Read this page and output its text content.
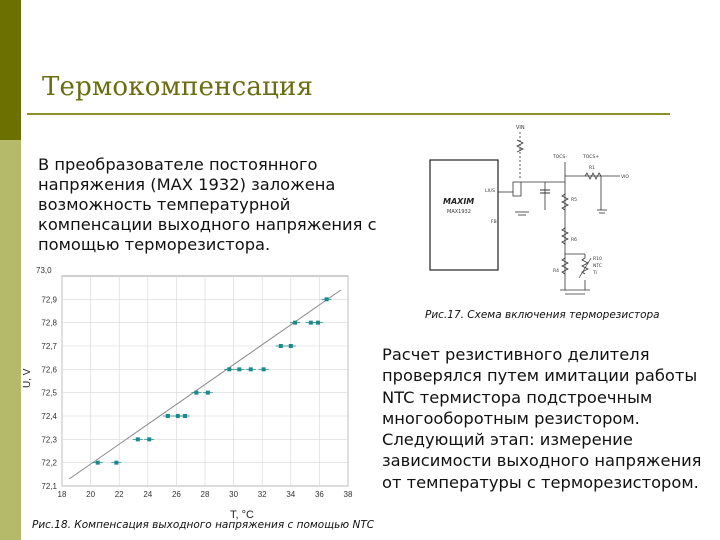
Термокомпенсация

В преобразователе постоянного напряжения (MAX 1932) заложена возможность температурной компенсации выходного напряжения с помощью терморезистора.

72,1
72,2
72,3
72,4
72,5
72,6
72,7
72,8
72,9
18 20 22 24 26 28 30 32 34 36 38
73,0
T, °C
U, V
VIN
MAXIM
MAX1932
LX/S
FB
TOCS-	TOCS+
R1
VIO
R5
R6
R4
R10
NTC
T/
Рис.17. Схема включения терморезистора

Расчет резистивного делителя проверялся путем имитации работы NTC термистора подстроечным многооборотным резистором. Следующий этап: измерение зависимости выходного напряжения от температуры с терморезистором.

Рис.18. Компенсация выходного напряжения с помощью NTC
